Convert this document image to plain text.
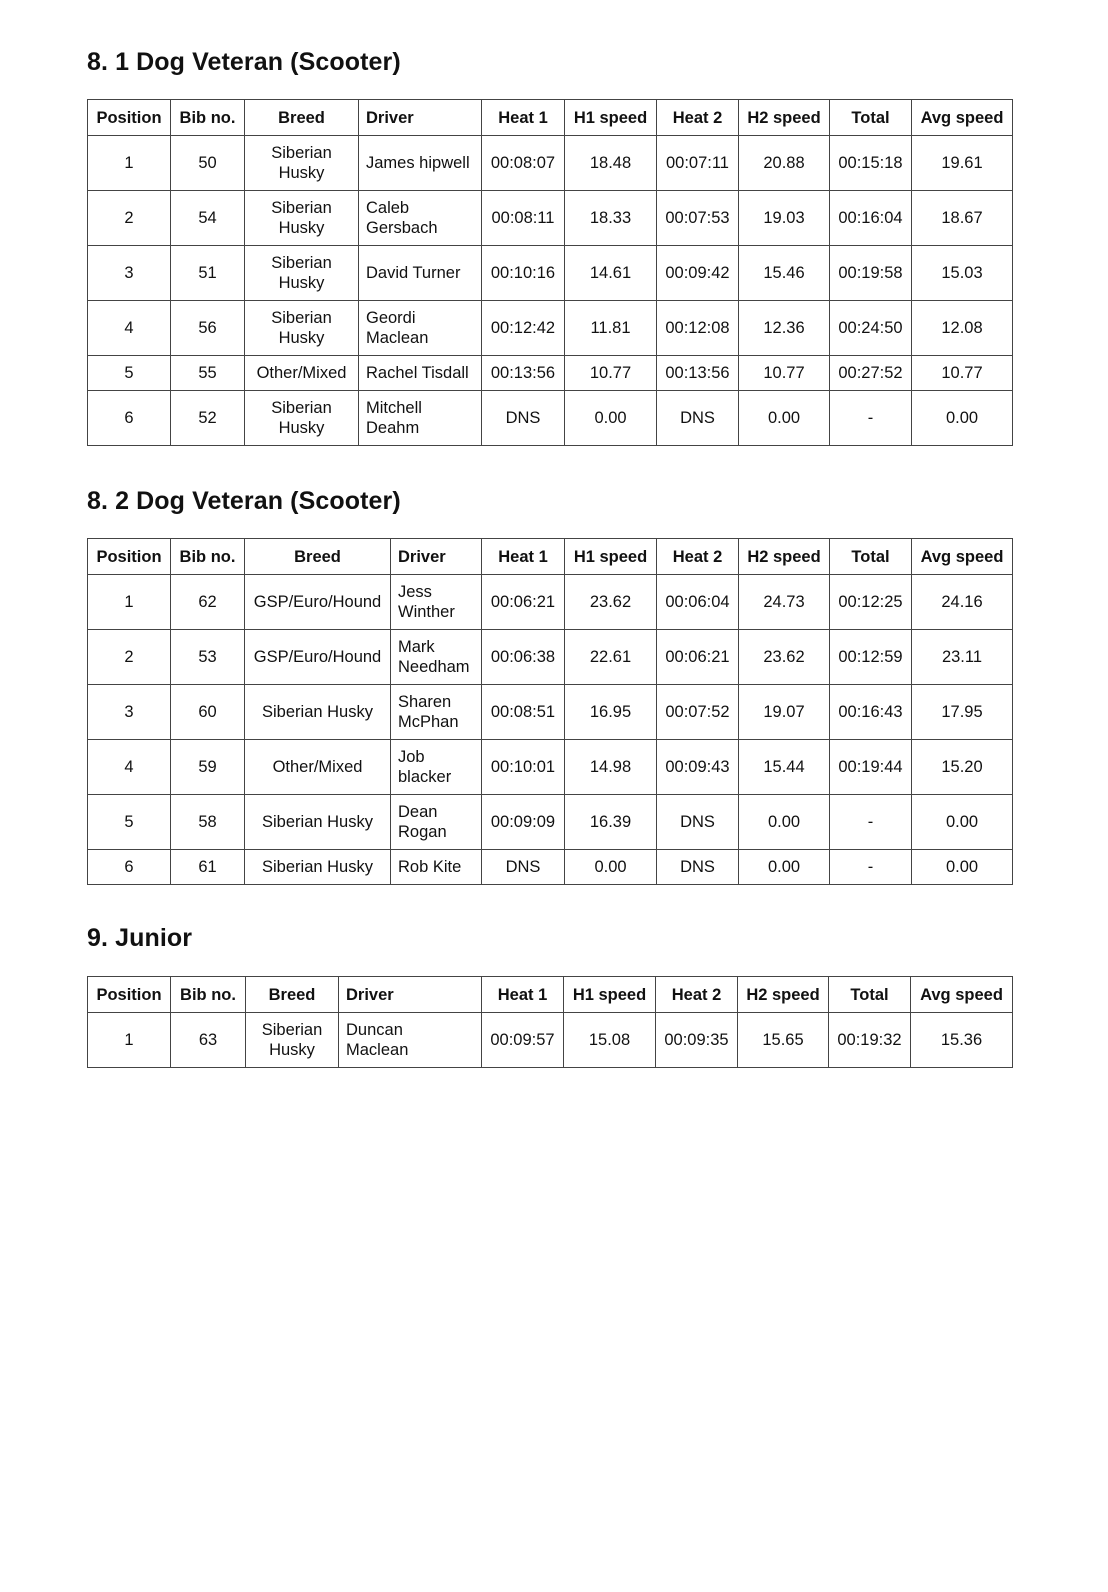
8. 1 Dog Veteran (Scooter)
Position	Bib no.	Breed	Driver	Heat 1	H1 speed	Heat 2	H2 speed	Total	Avg speed
1	50	Siberian Husky	James hipwell	00:08:07	18.48	00:07:11	20.88	00:15:18	19.61
2	54	Siberian Husky	Caleb Gersbach	00:08:11	18.33	00:07:53	19.03	00:16:04	18.67
3	51	Siberian Husky	David Turner	00:10:16	14.61	00:09:42	15.46	00:19:58	15.03
4	56	Siberian Husky	Geordi Maclean	00:12:42	11.81	00:12:08	12.36	00:24:50	12.08
5	55	Other/Mixed	Rachel Tisdall	00:13:56	10.77	00:13:56	10.77	00:27:52	10.77
6	52	Siberian Husky	Mitchell Deahm	DNS	0.00	DNS	0.00	-	0.00
8. 2 Dog Veteran (Scooter)
Position	Bib no.	Breed	Driver	Heat 1	H1 speed	Heat 2	H2 speed	Total	Avg speed
1	62	GSP/Euro/Hound	Jess Winther	00:06:21	23.62	00:06:04	24.73	00:12:25	24.16
2	53	GSP/Euro/Hound	Mark Needham	00:06:38	22.61	00:06:21	23.62	00:12:59	23.11
3	60	Siberian Husky	Sharen McPhan	00:08:51	16.95	00:07:52	19.07	00:16:43	17.95
4	59	Other/Mixed	Job blacker	00:10:01	14.98	00:09:43	15.44	00:19:44	15.20
5	58	Siberian Husky	Dean Rogan	00:09:09	16.39	DNS	0.00	-	0.00
6	61	Siberian Husky	Rob Kite	DNS	0.00	DNS	0.00	-	0.00
9. Junior
Position	Bib no.	Breed	Driver	Heat 1	H1 speed	Heat 2	H2 speed	Total	Avg speed
1	63	Siberian Husky	Duncan Maclean	00:09:57	15.08	00:09:35	15.65	00:19:32	15.36
